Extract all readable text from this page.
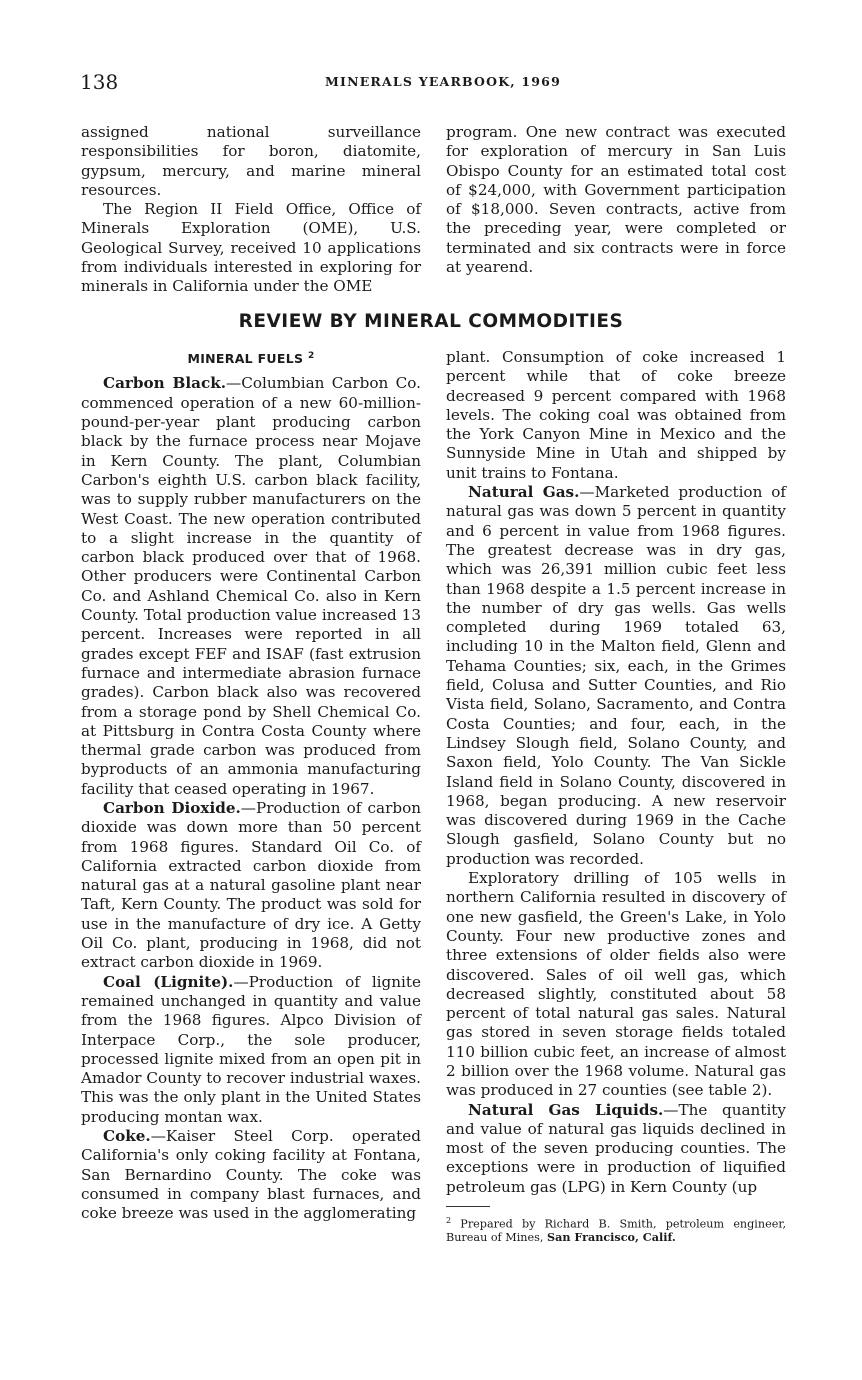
138	MINERALS YEARBOOK, 1969

assigned national surveillance responsibilities for boron, diatomite, gypsum, mercury, and marine mineral resources.

The Region II Field Office, Office of Minerals Exploration (OME), U.S. Geological Survey, received 10 applications from individuals interested in exploring for minerals in California under the OME

program. One new contract was executed for exploration of mercury in San Luis Obispo County for an estimated total cost of $24,000, with Government participation of $18,000. Seven contracts, active from the preceding year, were completed or terminated and six contracts were in force at yearend.

REVIEW BY MINERAL COMMODITIES
MINERAL FUELS $^2$

Carbon Black.—Columbian Carbon Co. commenced operation of a new 60-million-pound-per-year plant producing carbon black by the furnace process near Mojave in Kern County. The plant, Columbian Carbon's eighth U.S. carbon black facility, was to supply rubber manufacturers on the West Coast. The new operation contributed to a slight increase in the quantity of carbon black produced over that of 1968. Other producers were Continental Carbon Co. and Ashland Chemical Co. also in Kern County. Total production value increased 13 percent. Increases were reported in all grades except FEF and ISAF (fast extrusion furnace and intermediate abrasion furnace grades). Carbon black also was recovered from a storage pond by Shell Chemical Co. at Pittsburg in Contra Costa County where thermal grade carbon was produced from byproducts of an ammonia manufacturing facility that ceased operating in 1967.

Carbon Dioxide.—Production of carbon dioxide was down more than 50 percent from 1968 figures. Standard Oil Co. of California extracted carbon dioxide from natural gas at a natural gasoline plant near Taft, Kern County. The product was sold for use in the manufacture of dry ice. A Getty Oil Co. plant, producing in 1968, did not extract carbon dioxide in 1969.

Coal (Lignite).—Production of lignite remained unchanged in quantity and value from the 1968 figures. Alpco Division of Interpace Corp., the sole producer, processed lignite mixed from an open pit in Amador County to recover industrial waxes. This was the only plant in the United States producing montan wax.

Coke.—Kaiser Steel Corp. operated California's only coking facility at Fontana, San Bernardino County. The coke was consumed in company blast furnaces, and coke breeze was used in the agglomerating

plant. Consumption of coke increased 1 percent while that of coke breeze decreased 9 percent compared with 1968 levels. The coking coal was obtained from the York Canyon Mine in Mexico and the Sunnyside Mine in Utah and shipped by unit trains to Fontana.

Natural Gas.—Marketed production of natural gas was down 5 percent in quantity and 6 percent in value from 1968 figures. The greatest decrease was in dry gas, which was 26,391 million cubic feet less than 1968 despite a 1.5 percent increase in the number of dry gas wells. Gas wells completed during 1969 totaled 63, including 10 in the Malton field, Glenn and Tehama Counties; six, each, in the Grimes field, Colusa and Sutter Counties, and Rio Vista field, Solano, Sacramento, and Contra Costa Counties; and four, each, in the Lindsey Slough field, Solano County, and Saxon field, Yolo County. The Van Sickle Island field in Solano County, discovered in 1968, began producing. A new reservoir was discovered during 1969 in the Cache Slough gasfield, Solano County but no production was recorded.

Exploratory drilling of 105 wells in northern California resulted in discovery of one new gasfield, the Green's Lake, in Yolo County. Four new productive zones and three extensions of older fields also were discovered. Sales of oil well gas, which decreased slightly, constituted about 58 percent of total natural gas sales. Natural gas stored in seven storage fields totaled 110 billion cubic feet, an increase of almost 2 billion over the 1968 volume. Natural gas was produced in 27 counties (see table 2).

Natural Gas Liquids.—The quantity and value of natural gas liquids declined in most of the seven producing counties. The exceptions were in production of liquified petroleum gas (LPG) in Kern County (up

$^2$ Prepared by Richard B. Smith, petroleum engineer, Bureau of Mines, San Francisco, Calif.
